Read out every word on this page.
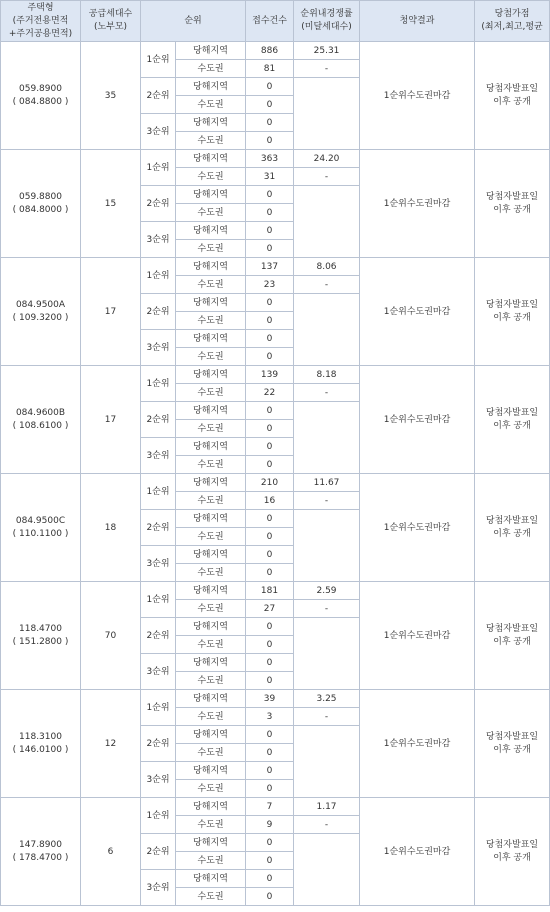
주택형
(주거전용면적
+주거공용면적)	공급세대수
(노부모)	순위		접수건수	순위내경쟁률
(미달세대수)	청약결과	당첨가점
(최저,최고,평균

059.8900
( 084.8800 )	35	1순위	당해지역	886	25.31	1순위수도권마감	당첨자발표일
이후 공개

			수도권	81	-		
		2순위	당해지역	0			
			수도권	0			
		3순위	당해지역	0			
			수도권	0			

059.8800
( 084.8000 )	15	1순위	당해지역	363	24.20	1순위수도권마감	당첨자발표일
이후 공개

			수도권	31	-		
		2순위	당해지역	0			
			수도권	0			
		3순위	당해지역	0			
			수도권	0			

084.9500A
( 109.3200 )	17	1순위	당해지역	137	8.06	1순위수도권마감	당첨자발표일
이후 공개

			수도권	23	-		
		2순위	당해지역	0			
			수도권	0			
		3순위	당해지역	0			
			수도권	0			

084.9600B
( 108.6100 )	17	1순위	당해지역	139	8.18	1순위수도권마감	당첨자발표일
이후 공개

			수도권	22	-		
		2순위	당해지역	0			
			수도권	0			
		3순위	당해지역	0			
			수도권	0			

084.9500C
( 110.1100 )	18	1순위	당해지역	210	11.67	1순위수도권마감	당첨자발표일
이후 공개

			수도권	16	-		
		2순위	당해지역	0			
			수도권	0			
		3순위	당해지역	0			
			수도권	0			

118.4700
( 151.2800 )	70	1순위	당해지역	181	2.59	1순위수도권마감	당첨자발표일
이후 공개

			수도권	27	-		
		2순위	당해지역	0			
			수도권	0			
		3순위	당해지역	0			
			수도권	0			

118.3100
( 146.0100 )	12	1순위	당해지역	39	3.25	1순위수도권마감	당첨자발표일
이후 공개

			수도권	3	-		
		2순위	당해지역	0			
			수도권	0			
		3순위	당해지역	0			
			수도권	0			

147.8900
( 178.4700 )	6	1순위	당해지역	7	1.17	1순위수도권마감	당첨자발표일
이후 공개

			수도권	9	-		
		2순위	당해지역	0			
			수도권	0			
		3순위	당해지역	0			
			수도권	0			
